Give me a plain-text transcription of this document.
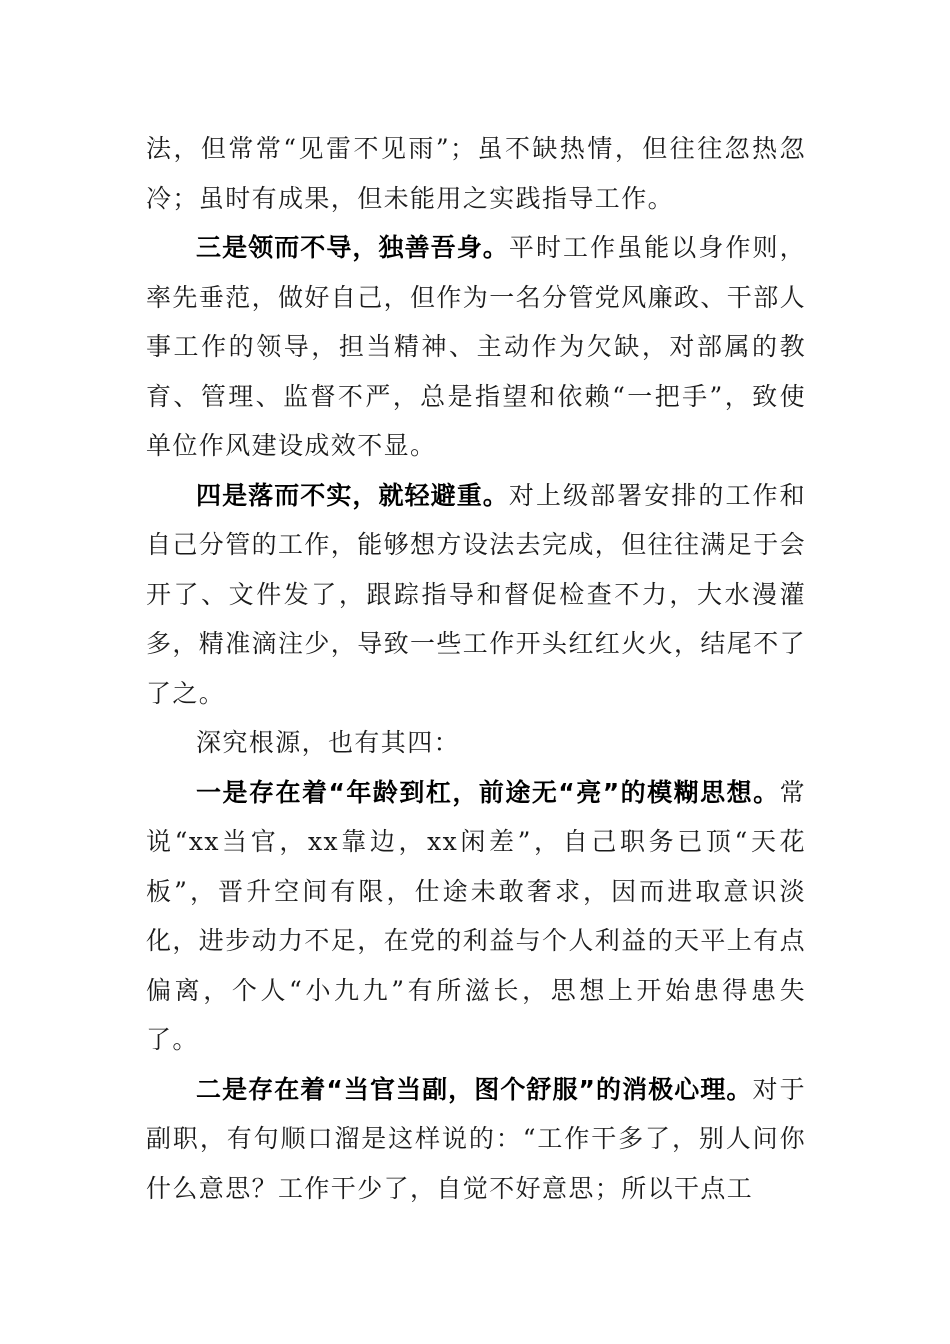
法，但常常“见雷不见雨”；虽不缺热情，但往往忽热忽冷；虽时有成果，但未能用之实践指导工作。

三是领而不导，独善吾身。平时工作虽能以身作则，率先垂范，做好自己，但作为一名分管党风廉政、干部人事工作的领导，担当精神、主动作为欠缺，对部属的教育、管理、监督不严，总是指望和依赖“一把手”，致使单位作风建设成效不显。

四是落而不实，就轻避重。对上级部署安排的工作和自己分管的工作，能够想方设法去完成，但往往满足于会开了、文件发了，跟踪指导和督促检查不力，大水漫灌多，精准滴注少，导致一些工作开头红红火火，结尾不了了之。

深究根源，也有其四：

一是存在着“年龄到杠，前途无“亮”的模糊思想。常说“xx当官，xx靠边，xx闲差”，自己职务已顶“天花板”，晋升空间有限，仕途未敢奢求，因而进取意识淡化，进步动力不足，在党的利益与个人利益的天平上有点偏离，个人“小九九”有所滋长，思想上开始患得患失了。

二是存在着“当官当副，图个舒服”的消极心理。对于副职，有句顺口溜是这样说的：“工作干多了，别人问你什么意思？工作干少了，自觉不好意思；所以干点工
